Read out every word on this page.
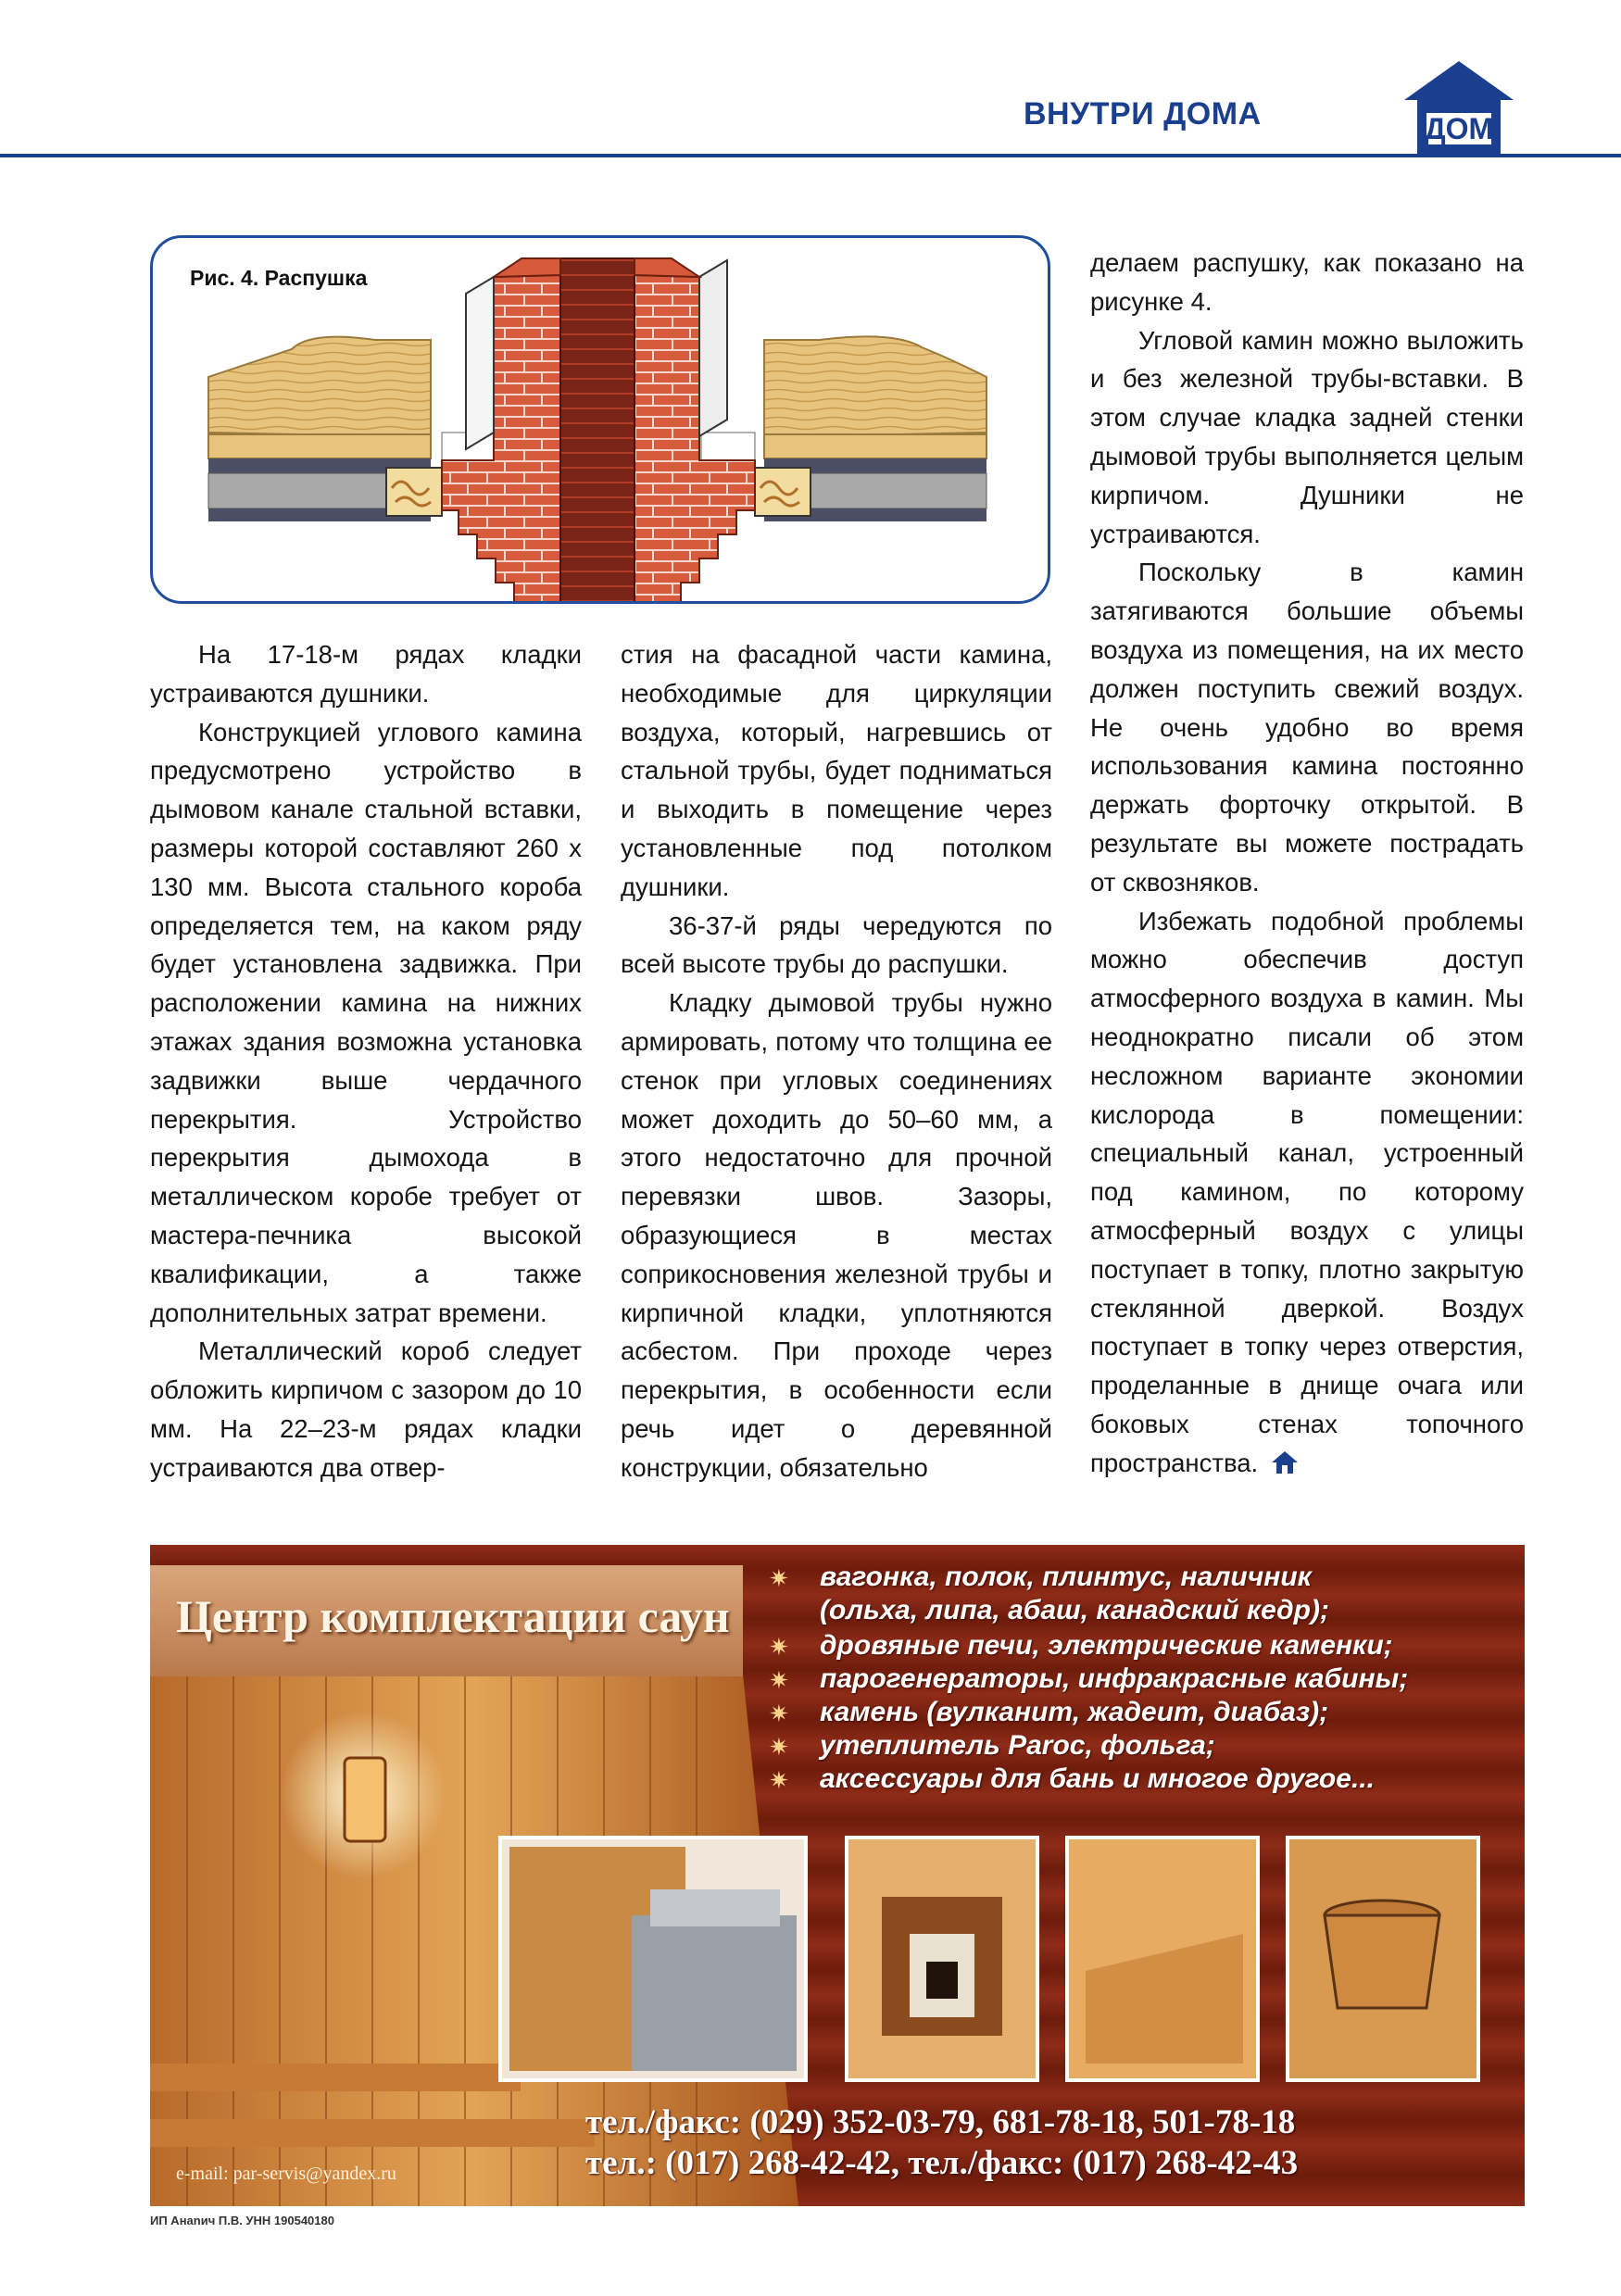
ВНУТРИ ДОМА	ДОМ
Рис. 4. Распушка

На 17-18-м рядах кладки устраиваются душники.

Конструкцией углового камина предусмотрено устройство в дымовом канале стальной вставки, размеры которой составляют 260 х 130 мм. Высота стального короба определяется тем, на каком ряду будет установлена задвижка. При расположении камина на нижних этажах здания возможна установка задвижки выше чердачного перекрытия. Устройство перекрытия дымохода в металлическом коробе требует от мастера-печника высокой квалификации, а также дополнительных затрат времени.

Металлический короб следует обложить кирпичом с зазором до 10 мм. На 22–23-м рядах кладки устраиваются два отвер-

стия на фасадной части камина, необходимые для циркуляции воздуха, который, нагревшись от стальной трубы, будет подниматься и выходить в помещение через установленные под потолком душники.

36-37-й ряды чередуются по всей высоте трубы до распушки.

Кладку дымовой трубы нужно армировать, потому что толщина ее стенок при угловых соединениях может доходить до 50–60 мм, а этого недостаточно для прочной перевязки швов. Зазоры, образующиеся в местах соприкосновения железной трубы и кирпичной кладки, уплотняются асбестом. При проходе через перекрытия, в особенности если речь идет о деревянной конструкции, обязательно

делаем распушку, как показано на рисунке 4.

Угловой камин можно выложить и без железной трубы-вставки. В этом случае кладка задней стенки дымовой трубы выполняется целым кирпичом. Душники не устраиваются.

Поскольку в камин затягиваются большие объемы воздуха из помещения, на их место должен поступить свежий воздух. Не очень удобно во время использования камина постоянно держать форточку открытой. В результате вы можете пострадать от сквозняков.

Избежать подобной проблемы можно обеспечив доступ атмосферного воздуха в камин. Мы неоднократно писали об этом несложном варианте экономии кислорода в помещении: специальный канал, устроенный под камином, по которому атмосферный воздух с улицы поступает в топку, плотно закрытую стеклянной дверкой. Воздух поступает в топку через отверстия, проделанные в днище очага или боковых стенах топочного пространства.

Центр комплектации саун
✷ вагонка, полок, плинтус, наличник
(ольха, липа, абаш, канадский кедр);
✷ дровяные печи, электрические каменки;
✷ парогенераторы, инфракрасные кабины;
✷ камень (вулканит, жадеит, диабаз);
✷ утеплитель Paroc, фольга;
✷ аксессуары для бань и многое другое...
тел./факс: (029) 352-03-79, 681-78-18, 501-78-18
тел.: (017) 268-42-42, тел./факс: (017) 268-42-43
e-mail: par-servis@yandex.ru
ИП Анаnич П.В. УНН 190540180
